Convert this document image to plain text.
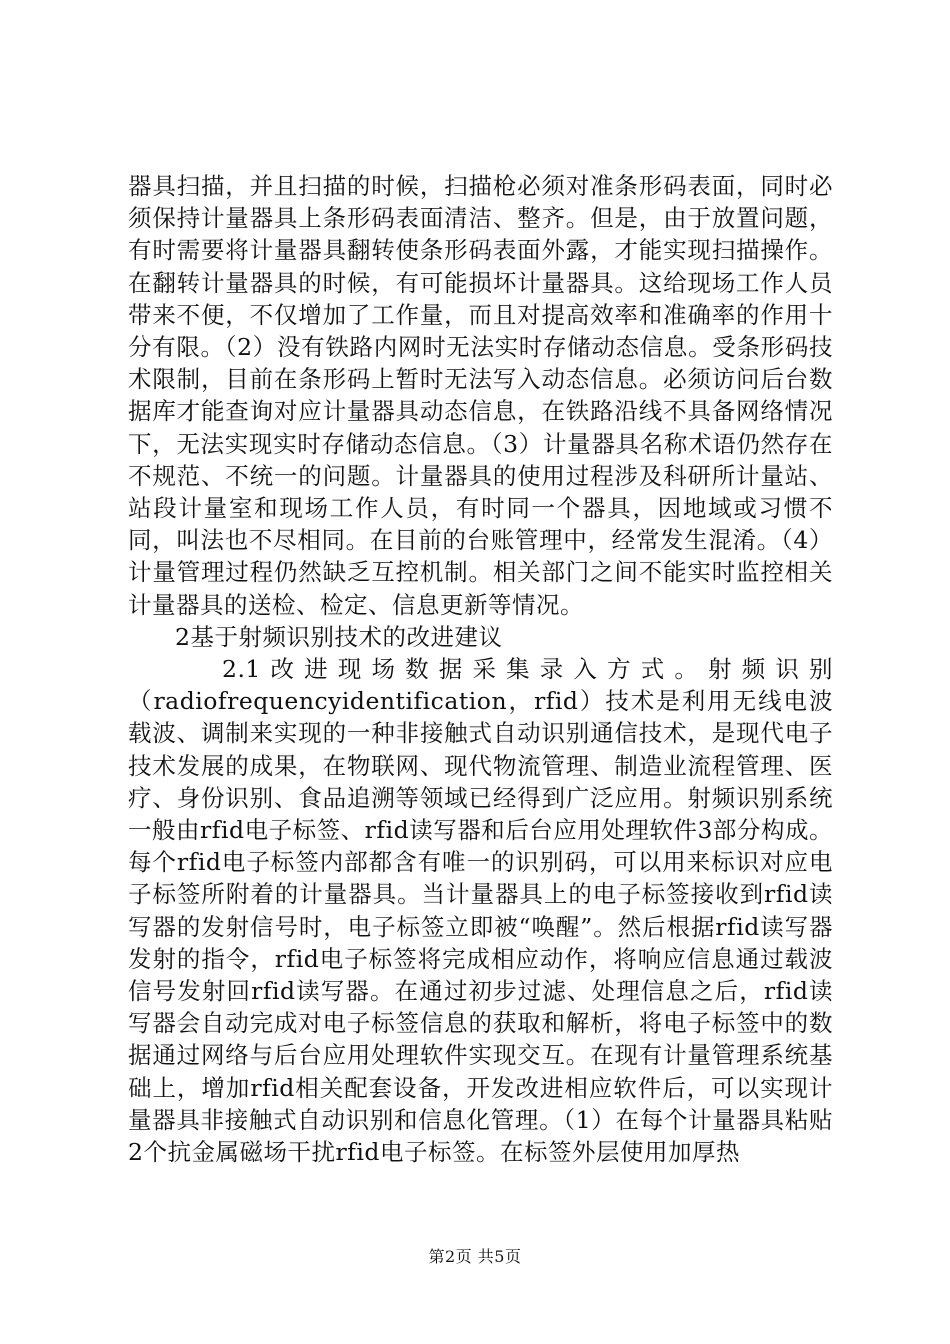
器具扫描，并且扫描的时候，扫描枪必须对准条形码表面，同时必须保持计量器具上条形码表面清洁、整齐。但是，由于放置问题，有时需要将计量器具翻转使条形码表面外露，才能实现扫描操作。在翻转计量器具的时候，有可能损坏计量器具。这给现场工作人员带来不便，不仅增加了工作量，而且对提高效率和准确率的作用十分有限。（2）没有铁路内网时无法实时存储动态信息。受条形码技术限制，目前在条形码上暂时无法写入动态信息。必须访问后台数据库才能查询对应计量器具动态信息，在铁路沿线不具备网络情况下，无法实现实时存储动态信息。（3）计量器具名称术语仍然存在不规范、不统一的问题。计量器具的使用过程涉及科研所计量站、站段计量室和现场工作人员，有时同一个器具，因地域或习惯不同，叫法也不尽相同。在目前的台账管理中，经常发生混淆。（4）计量管理过程仍然缺乏互控机制。相关部门之间不能实时监控相关计量器具的送检、检定、信息更新等情况。

2基于射频识别技术的改进建议

2.1改进现场数据采集录入方式。射频识别（radiofrequencyidentification，rfid）技术是利用无线电波载波、调制来实现的一种非接触式自动识别通信技术，是现代电子技术发展的成果，在物联网、现代物流管理、制造业流程管理、医疗、身份识别、食品追溯等领域已经得到广泛应用。射频识别系统一般由rfid电子标签、rfid读写器和后台应用处理软件3部分构成。每个rfid电子标签内部都含有唯一的识别码，可以用来标识对应电子标签所附着的计量器具。当计量器具上的电子标签接收到rfid读写器的发射信号时，电子标签立即被“唤醒”。然后根据rfid读写器发射的指令，rfid电子标签将完成相应动作，将响应信息通过载波信号发射回rfid读写器。在通过初步过滤、处理信息之后，rfid读写器会自动完成对电子标签信息的获取和解析，将电子标签中的数据通过网络与后台应用处理软件实现交互。在现有计量管理系统基础上，增加rfid相关配套设备，开发改进相应软件后，可以实现计量器具非接触式自动识别和信息化管理。（1）在每个计量器具粘贴2个抗金属磁场干扰rfid电子标签。在标签外层使用加厚热

第2页 共5页
